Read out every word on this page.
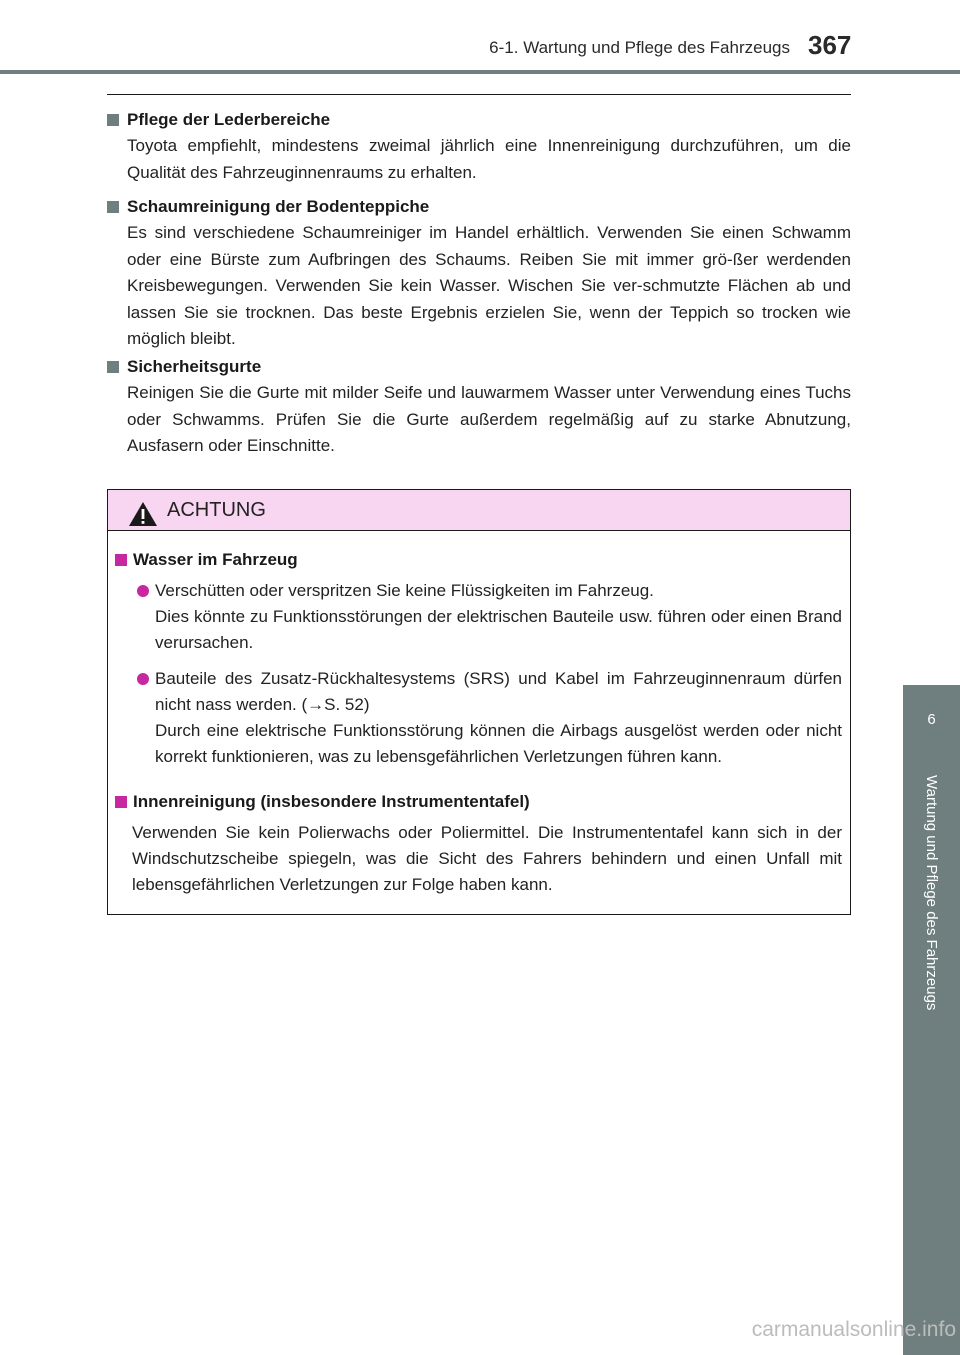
6-1. Wartung und Pflege des Fahrzeugs 367
6
Wartung und Pflege des Fahrzeugs
Pflege der Lederbereiche
Toyota empfiehlt, mindestens zweimal jährlich eine Innenreinigung durchzuführen, um die Qualität des Fahrzeuginnenraums zu erhalten.
Schaumreinigung der Bodenteppiche
Es sind verschiedene Schaumreiniger im Handel erhältlich. Verwenden Sie einen Schwamm oder eine Bürste zum Aufbringen des Schaums. Reiben Sie mit immer grö-ßer werdenden Kreisbewegungen. Verwenden Sie kein Wasser. Wischen Sie ver-schmutzte Flächen ab und lassen Sie sie trocknen. Das beste Ergebnis erzielen Sie, wenn der Teppich so trocken wie möglich bleibt.
Sicherheitsgurte
Reinigen Sie die Gurte mit milder Seife und lauwarmem Wasser unter Verwendung eines Tuchs oder Schwamms. Prüfen Sie die Gurte außerdem regelmäßig auf zu starke Abnutzung, Ausfasern oder Einschnitte.
ACHTUNG
Wasser im Fahrzeug
Verschütten oder verspritzen Sie keine Flüssigkeiten im Fahrzeug.
Dies könnte zu Funktionsstörungen der elektrischen Bauteile usw. führen oder einen Brand verursachen.
Bauteile des Zusatz-Rückhaltesystems (SRS) und Kabel im Fahrzeuginnenraum dürfen nicht nass werden. (→S. 52)
Durch eine elektrische Funktionsstörung können die Airbags ausgelöst werden oder nicht korrekt funktionieren, was zu lebensgefährlichen Verletzungen führen kann.
Innenreinigung (insbesondere Instrumententafel)
Verwenden Sie kein Polierwachs oder Poliermittel. Die Instrumententafel kann sich in der Windschutzscheibe spiegeln, was die Sicht des Fahrers behindern und einen Unfall mit lebensgefährlichen Verletzungen zur Folge haben kann.
carmanualsonline.info
